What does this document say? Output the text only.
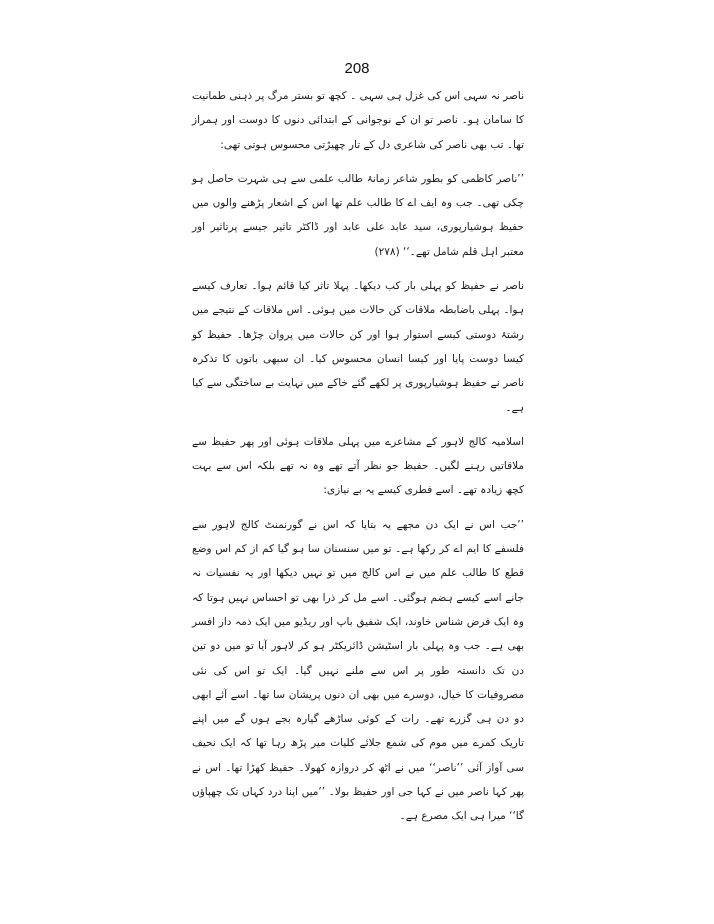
208

ناصر نہ سہی اس کی غزل ہی سہی ۔ کچھ تو بستر مرگ پر ذہنی طمانیت کا سامان ہو۔ ناصر تو ان کے نوجوانی کے ابتدائی دنوں کا دوست اور ہمراز تھا۔ تب بھی ناصر کی شاعری دل کے تار چھیڑتی محسوس ہوتی تھی:

’’ناصر کاظمی کو بطور شاعر زمانۂ طالب علمی سے ہی شہرت حاصل ہو چکی تھی۔ جب وہ ایف اے کا طالب علم تھا اس کے اشعار پڑھنے والوں میں حفیظ ہوشیارپوری، سید عابد علی عابد اور ڈاکٹر تاثیر جیسے پرتاثیر اور معتبر اہل قلم شامل تھے۔‘‘ (۲۷۸)

ناصر نے حفیظ کو پہلی بار کب دیکھا۔ پہلا تاثر کیا قائم ہوا۔ تعارف کیسے ہوا۔ پہلی باضابطہ ملاقات کن حالات میں ہوئی۔ اس ملاقات کے نتیجے میں رشتۂ دوستی کیسے استوار ہوا اور کن حالات میں پروان چڑھا۔ حفیظ کو کیسا دوست پایا اور کیسا انسان محسوس کیا۔ ان سبھی باتوں کا تذکرہ ناصر نے حفیظ ہوشیارپوری پر لکھے گئے خاکے میں نہایت بے ساختگی سے کیا ہے۔

اسلامیہ کالج لاہور کے مشاعرے میں پہلی ملاقات ہوئی اور پھر حفیظ سے ملاقاتیں رہنے لگیں۔ حفیظ جو نظر آتے تھے وہ نہ تھے بلکہ اس سے بہت کچھ زیادہ تھے۔ اسے فطری کیسے یہ بے نیازی:

’’جب اس نے ایک دن مجھے یہ بتایا کہ اس نے گورنمنٹ کالج لاہور سے فلسفے کا ایم اے کر رکھا ہے۔ تو میں سنسنان سا ہو گیا کم از کم اس وضع قطع کا طالب علم میں نے اس کالج میں تو نہیں دیکھا اور یہ نفسیات نہ جانے اسے کیسے ہضم ہوگئی۔ اسے مل کر ذرا بھی تو احساس نہیں ہوتا کہ وہ ایک فرض شناس خاوند، ایک شفیق باپ اور ریڈیو میں ایک ذمہ دار افسر بھی ہے۔ جب وہ پہلی بار اسٹیشن ڈائریکٹر ہو کر لاہور آیا تو میں دو تین دن تک دانستہ طور پر اس سے ملنے نہیں گیا۔ ایک تو اس کی نئی مصروفیات کا خیال، دوسرے میں بھی ان دنوں پریشان سا تھا۔ اسے آئے ابھی دو دن ہی گزرے تھے۔ رات کے کوئی ساڑھے گیارہ بجے ہوں گے میں اپنے تاریک کمرے میں موم کی شمع جلائے کلیات میر پڑھ رہا تھا کہ ایک نحیف سی آواز آئی ’’ناصر‘‘ میں نے اٹھ کر دروازہ کھولا۔ حفیظ کھڑا تھا۔ اس نے پھر کہا ناصر میں نے کہا جی اور حفیظ بولا۔ ’’میں اپنا درد کہاں تک چھپاؤں گا‘‘ میرا ہی ایک مصرع ہے۔
